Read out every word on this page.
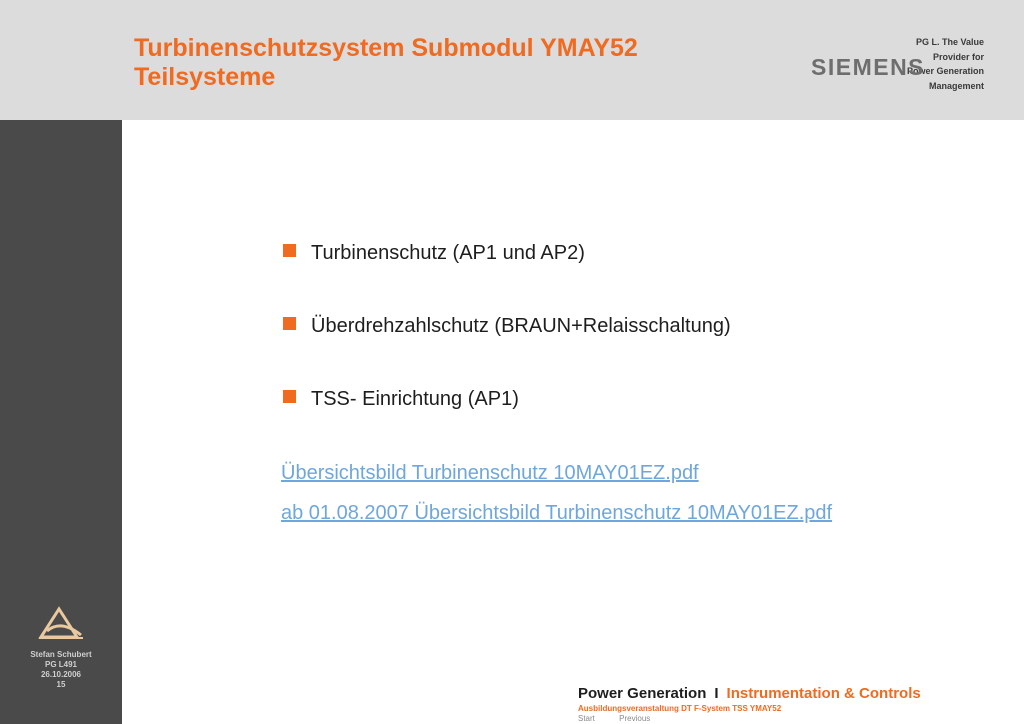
PG L. The Value
Provider for
Power Generation
Management
Turbinenschutzsystem Submodul YMAY52
Teilsysteme	SIEMENS
Stefan Schubert
PG L491
26.10.2006
15
Turbinenschutz (AP1 und AP2)
Überdrehzahlschutz (BRAUN+Relaisschaltung)
TSS- Einrichtung (AP1)
Übersichtsbild Turbinenschutz 10MAY01EZ.pdf
ab 01.08.2007 Übersichtsbild Turbinenschutz 10MAY01EZ.pdf
Power Generation I Instrumentation & Controls
Ausbildungsveranstaltung DT F-System TSS YMAY52
Start	Previous
